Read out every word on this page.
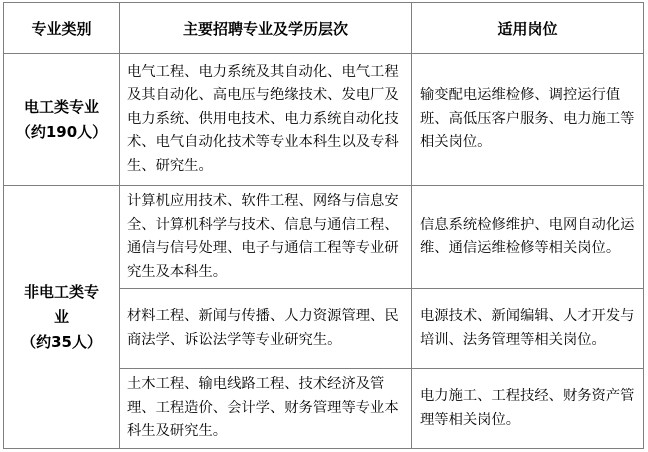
专业类别	主要招聘专业及学历层次	适用岗位

电工类专业
（约190人）	电气工程、电力系统及其自动化、电气工程及其自动化、高电压与绝缘技术、发电厂及电力系统、供用电技术、电力系统自动化技术、电气自动化技术等专业本科生以及专科生、研究生。	输变配电运维检修、调控运行值班、高低压客户服务、电力施工等相关岗位。

非电工类专
业
（约35人）	计算机应用技术、软件工程、网络与信息安全、计算机科学与技术、信息与通信工程、通信与信号处理、电子与通信工程等专业研究生及本科生。	信息系统检修维护、电网自动化运维、通信运维检修等相关岗位。
	材料工程、新闻与传播、人力资源管理、民商法学、诉讼法学等专业研究生。	电源技术、新闻编辑、人才开发与培训、法务管理等相关岗位。
	土木工程、输电线路工程、技术经济及管理、工程造价、会计学、财务管理等专业本科生及研究生。	电力施工、工程技经、财务资产管理等相关岗位。
